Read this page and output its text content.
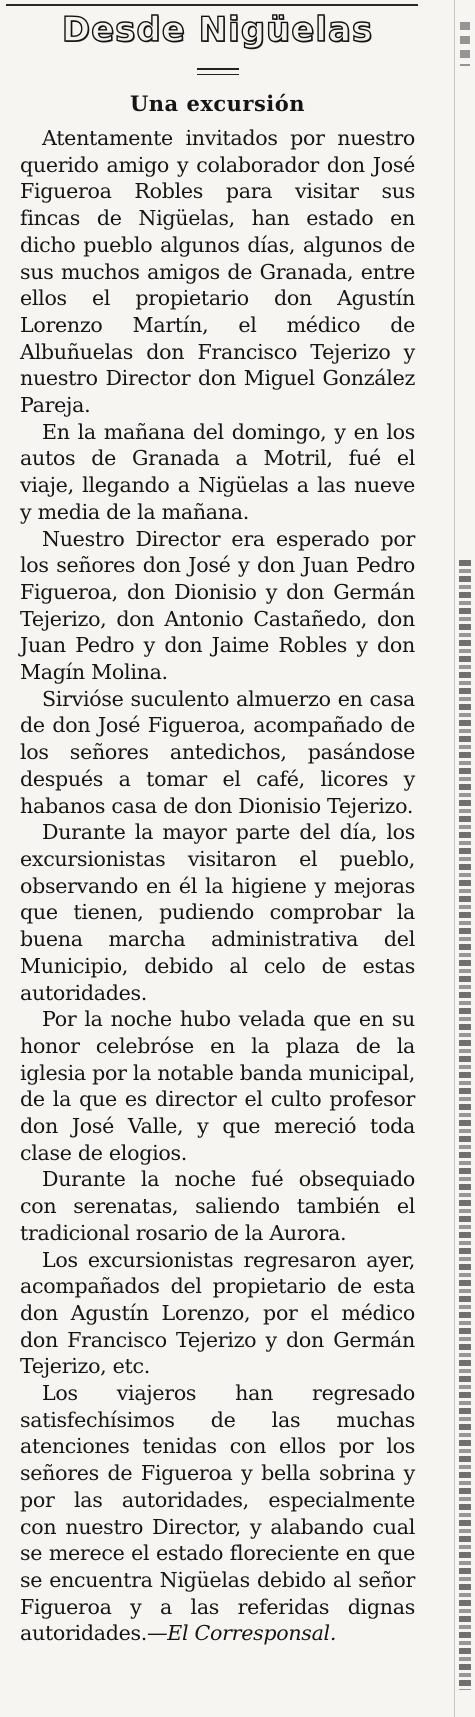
Desde Nigüelas
Una excursión

Atentamente invitados por nuestro querido amigo y colaborador don José Figueroa Robles para visitar sus fincas de Nigüelas, han estado en dicho pueblo algunos días, algunos de sus muchos amigos de Granada, entre ellos el propietario don Agustín Lorenzo Martín, el médico de Albuñuelas don Francisco Tejerizo y nuestro Director don Miguel González Pareja.

En la mañana del domingo, y en los autos de Granada a Motril, fué el viaje, llegando a Nigüelas a las nueve y media de la mañana.

Nuestro Director era esperado por los señores don José y don Juan Pedro Figueroa, don Dionisio y don Germán Tejerizo, don Antonio Castañedo, don Juan Pedro y don Jaime Robles y don Magín Molina.

Sirvióse suculento almuerzo en casa de don José Figueroa, acompañado de los señores antedichos, pasándose después a tomar el café, licores y habanos casa de don Dionisio Tejerizo.

Durante la mayor parte del día, los excursionistas visitaron el pueblo, observando en él la higiene y mejoras que tienen, pudiendo comprobar la buena marcha administrativa del Municipio, debido al celo de estas autoridades.

Por la noche hubo velada que en su honor celebróse en la plaza de la iglesia por la notable banda municipal, de la que es director el culto profesor don José Valle, y que mereció toda clase de elogios.

Durante la noche fué obsequiado con serenatas, saliendo también el tradicional rosario de la Aurora.

Los excursionistas regresaron ayer, acompañados del propietario de esta don Agustín Lorenzo, por el médico don Francisco Tejerizo y don Germán Tejerizo, etc.

Los viajeros han regresado satisfechísimos de las muchas atenciones tenidas con ellos por los señores de Figueroa y bella sobrina y por las autoridades, especialmente con nuestro Director, y alabando cual se merece el estado floreciente en que se encuentra Nigüelas debido al señor Figueroa y a las referidas dignas autoridades.—El Corresponsal.
